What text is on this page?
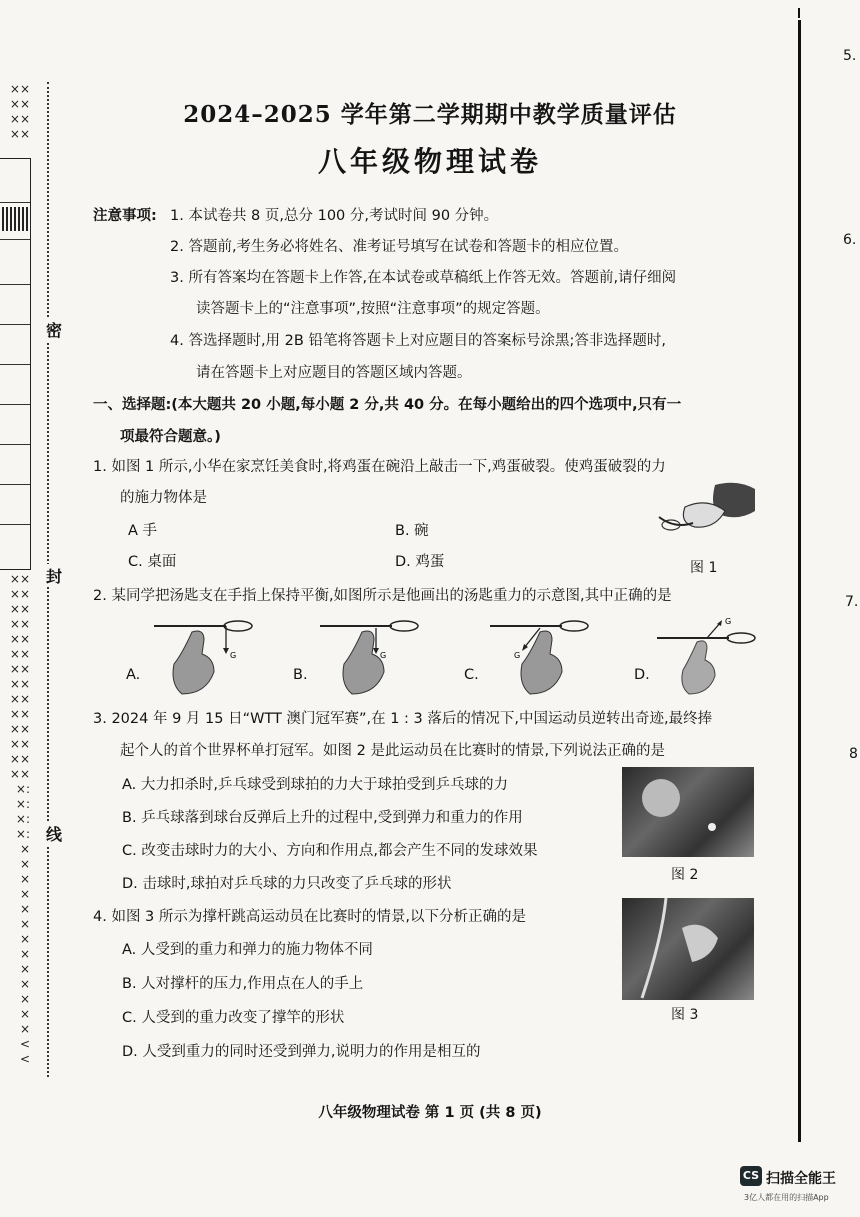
××
××
××
××
××
××
××
××
××
××
××
××
××
××
××
××
××
××
×:
×:
×:
×:
×
×
×
×
×
×
×
×
×
×
×
×
×
<
<
密
封
线
5.
6.
7.
8
2024–2025 学年第二学期期中教学质量评估
八年级物理试卷
注意事项: 1. 本试卷共 8 页,总分 100 分,考试时间 90 分钟。
2. 答题前,考生务必将姓名、准考证号填写在试卷和答题卡的相应位置。
3. 所有答案均在答题卡上作答,在本试卷或草稿纸上作答无效。答题前,请仔细阅
读答题卡上的“注意事项”,按照“注意事项”的规定答题。
4. 答选择题时,用 2B 铅笔将答题卡上对应题目的答案标号涂黑;答非选择题时,
请在答题卡上对应题目的答题区域内答题。
一、选择题:(本大题共 20 小题,每小题 2 分,共 40 分。在每小题给出的四个选项中,只有一
项最符合题意。)
1. 如图 1 所示,小华在家烹饪美食时,将鸡蛋在碗沿上敲击一下,鸡蛋破裂。使鸡蛋破裂的力
的施力物体是
A 手	B. 碗
C. 桌面	D. 鸡蛋	图 1
2. 某同学把汤匙支在手指上保持平衡,如图所示是他画出的汤匙重力的示意图,其中正确的是
A.	B.	C.	D.
G	G	G
G
3. 2024 年 9 月 15 日“WTT 澳门冠军赛”,在 1 : 3 落后的情况下,中国运动员逆转出奇迹,最终捧
起个人的首个世界杯单打冠军。如图 2 是此运动员在比赛时的情景,下列说法正确的是
A. 大力扣杀时,乒乓球受到球拍的力大于球拍受到乒乓球的力
B. 乒乓球落到球台反弹后上升的过程中,受到弹力和重力的作用
C. 改变击球时力的大小、方向和作用点,都会产生不同的发球效果
D. 击球时,球拍对乒乓球的力只改变了乒乓球的形状
图 2
4. 如图 3 所示为撑杆跳高运动员在比赛时的情景,以下分析正确的是
A. 人受到的重力和弹力的施力物体不同
B. 人对撑杆的压力,作用点在人的手上
C. 人受到的重力改变了撑竿的形状
D. 人受到重力的同时还受到弹力,说明力的作用是相互的
图 3
八年级物理试卷 第 1 页 (共 8 页)
CS 扫描全能王
3亿人都在用的扫描App
